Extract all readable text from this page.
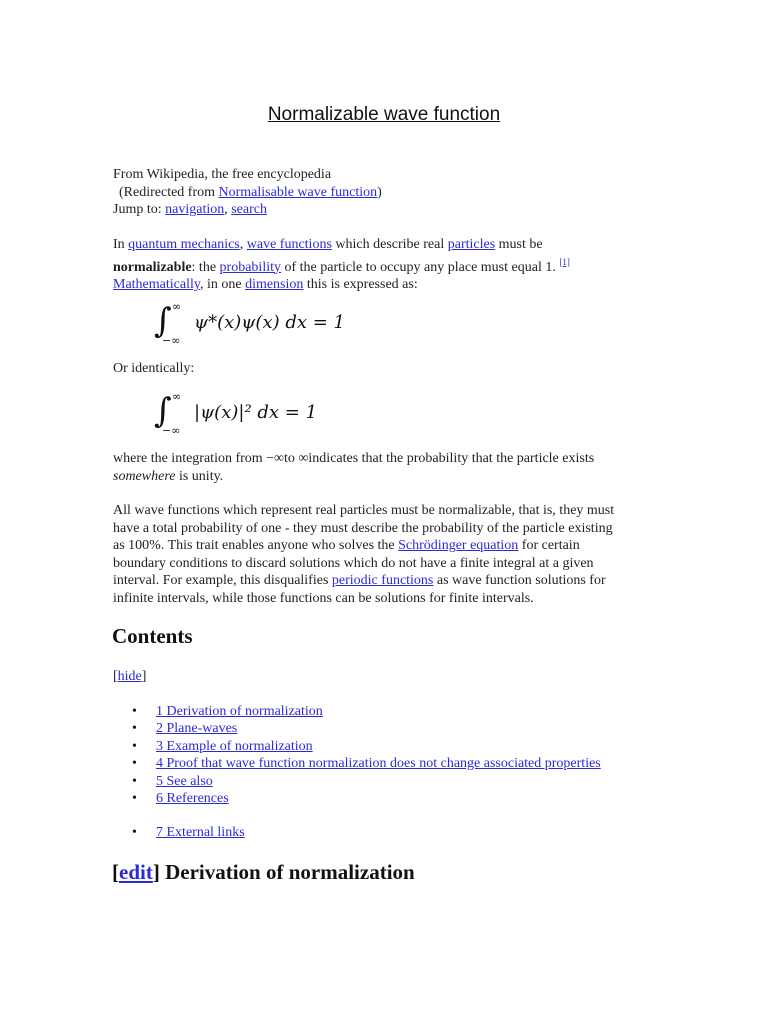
Normalizable wave function
From Wikipedia, the free encyclopedia
(Redirected from Normalisable wave function)
Jump to: navigation, search
In quantum mechanics, wave functions which describe real particles must be
normalizable: the probability of the particle to occupy any place must equal 1. [1]
Mathematically, in one dimension this is expressed as:
∫ ∞
−∞
ψ*(x)ψ(x) dx = 1
Or identically:
∫ ∞
−∞
|ψ(x)|² dx = 1
where the integration from −∞to ∞indicates that the probability that the particle exists
somewhere is unity.
All wave functions which represent real particles must be normalizable, that is, they must
have a total probability of one - they must describe the probability of the particle existing
as 100%. This trait enables anyone who solves the Schrödinger equation for certain
boundary conditions to discard solutions which do not have a finite integral at a given
interval. For example, this disqualifies periodic functions as wave function solutions for
infinite intervals, while those functions can be solutions for finite intervals.
Contents
[hide]
• 1 Derivation of normalization
• 2 Plane-waves
• 3 Example of normalization
• 4 Proof that wave function normalization does not change associated properties
• 5 See also
• 6 References
• 7 External links
[edit] Derivation of normalization
